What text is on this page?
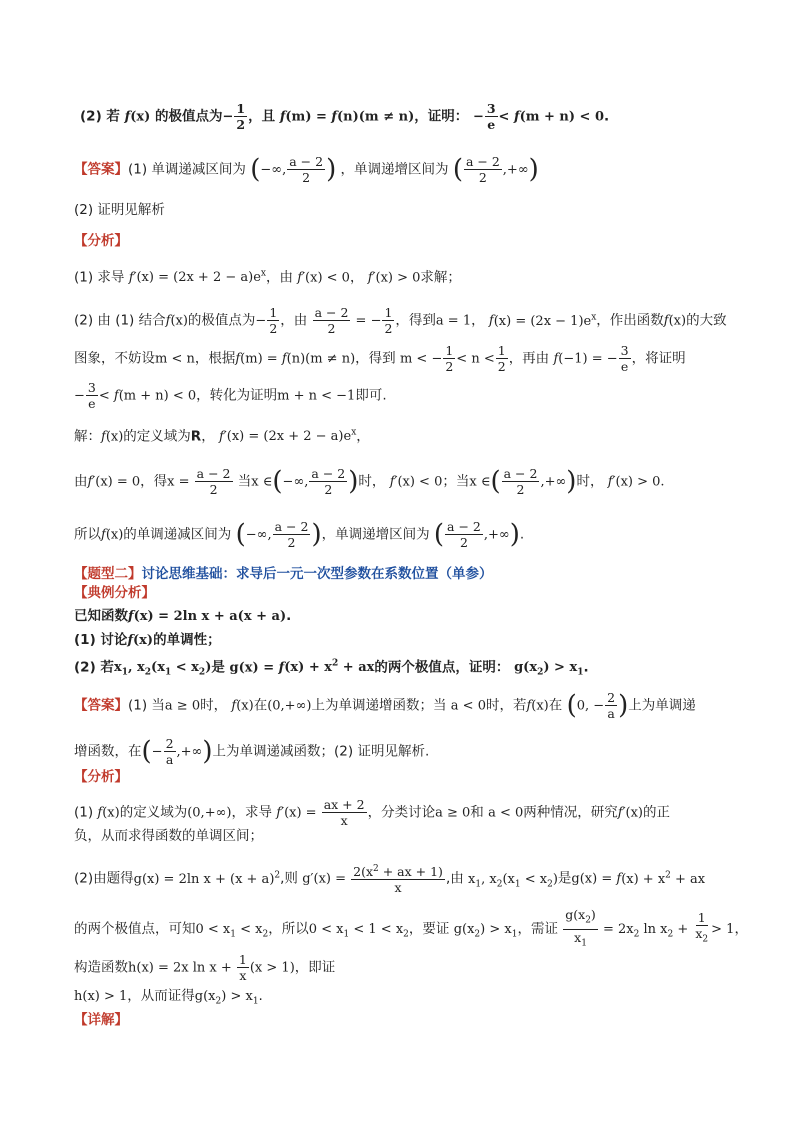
(2) 若 f(x) 的极值点为− $\frac{1}{2}$ ，且 f(m) = f(n)(m ≠ n)，证明： − $\frac{3}{e} < f(m + n) < 0$.
【答案】(1) 单调递减区间为 (−∞, $\frac{a - 2}{2}$ ) ，单调递增区间为 ( $\frac{a - 2}{2}$ ,+∞)
(2) 证明见解析
【分析】
(1) 求导 $f'(x) = (2x + 2 - a)e^x$，由 f′(x) < 0， f′(x) > 0求解；
(2) 由 (1) 结合f(x)的极值点为− $\frac{1}{2}$ ，由 $\frac{a - 2}{2}$ = − $\frac{1}{2}$ ，得到a = 1， $f(x) = (2x - 1)e^x$，作出函数f(x)的大致
图象，不妨设m < n，根据f(m) = f(n)(m ≠ n)，得到 m < − $\frac{1}{2} < n < \frac{1}{2}$ ，再由 f(−1) = − $\frac{3}{e}$ ，将证明
− $\frac{3}{e} < f(m + n) < 0$，转化为证明m + n < −1即可.
解：f(x)的定义域为R， $f'(x) = (2x + 2 - a)e^x$，
由f′(x) = 0，得$x = \frac{a - 2}{2}$ 当x ∈(−∞, $\frac{a - 2}{2}$ )时， f′(x) < 0；当x ∈( $\frac{a - 2}{2}$ ,+∞)时， f′(x) > 0.
所以f(x)的单调递减区间为 (−∞, $\frac{a - 2}{2}$ )，单调递增区间为 ( $\frac{a - 2}{2}$ ,+∞).
【题型二】讨论思维基础：求导后一元一次型参数在系数位置（单参）
【典例分析】
已知函数f(x) = 2ln x + a(x + a).
(1) 讨论f(x)的单调性；
(2) 若$x_1$, $x_2(x_1 < x_2)$是 $g(x) = f(x) + x^2$ + ax的两个极值点，证明： $g(x_2) > x_1$.
【答案】(1) 当a ≥ 0时， f(x)在(0,+∞)上为单调递增函数；当 a < 0时，若f(x)在 (0, − $\frac{2}{a}$ )上为单调递
增函数，在(− $\frac{2}{a}$ ,+∞)上为单调递减函数；(2) 证明见解析.
【分析】
(1) f(x)的定义域为(0,+∞)，求导 $f'(x) = \frac{ax + 2}{x}$ ，分类讨论a ≥ 0和 a < 0两种情况，研究f′(x)的正
负，从而求得函数的单调区间；
(2)由题得g(x) = 2ln $x + (x + a)^2$,则 $g'(x) = \frac{2(x^2 + ax + 1)}{x}$ ,由 $x_1$, $x_2(x_1 < x_2)$是$g(x) = f(x) + x^2$ + ax
的两个极值点，可知$0 < x_1 < x_2$，所以$0 < x_1 < 1 < x_2$，要证 $g(x_2) > x_1$，需证 $\frac{g(x_2)}{x_1} = 2x_2$ $\ln x_2 + \frac{1}{x_2} > 1$，
构造函数h(x) = 2x $\ln x + \frac{1}{x} (x > 1)$，即证
h(x) > 1，从而证得$g(x_2) > x_1$.
【详解】
